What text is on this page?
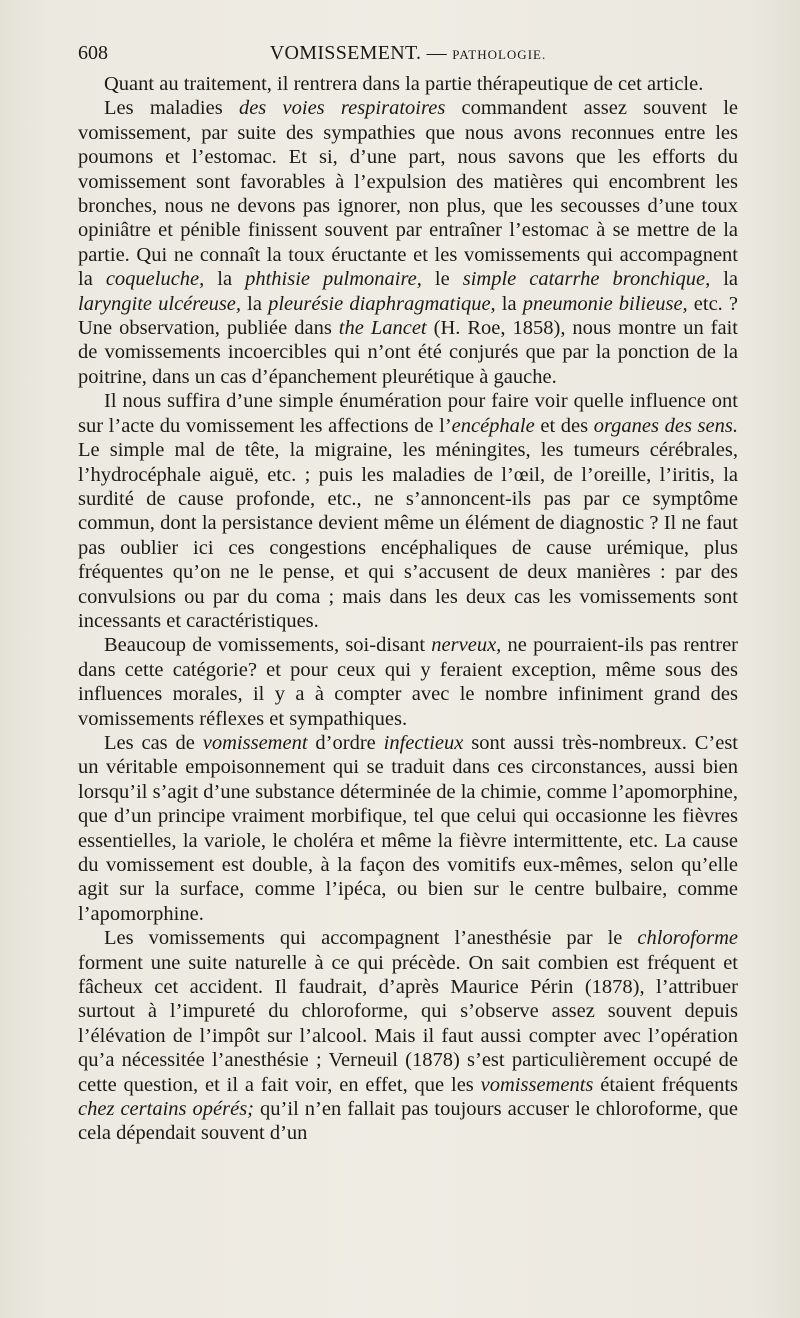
608	VOMISSEMENT. — PATHOLOGIE.

Quant au traitement, il rentrera dans la partie thérapeutique de cet article.

Les maladies des voies respiratoires commandent assez souvent le vomissement, par suite des sympathies que nous avons reconnues entre les poumons et l’estomac. Et si, d’une part, nous savons que les efforts du vomissement sont favorables à l’expulsion des matières qui encombrent les bronches, nous ne devons pas ignorer, non plus, que les secousses d’une toux opiniâtre et pénible finissent souvent par entraîner l’estomac à se mettre de la partie. Qui ne connaît la toux éructante et les vomissements qui accompagnent la coqueluche, la phthisie pulmonaire, le simple catarrhe bronchique, la laryngite ulcéreuse, la pleurésie diaphragmatique, la pneumonie bilieuse, etc. ? Une observation, publiée dans the Lancet (H. Roe, 1858), nous montre un fait de vomissements incoercibles qui n’ont été conjurés que par la ponction de la poitrine, dans un cas d’épanchement pleurétique à gauche.

Il nous suffira d’une simple énumération pour faire voir quelle influence ont sur l’acte du vomissement les affections de l’encéphale et des organes des sens. Le simple mal de tête, la migraine, les méningites, les tumeurs cérébrales, l’hydrocéphale aiguë, etc. ; puis les maladies de l’œil, de l’oreille, l’iritis, la surdité de cause profonde, etc., ne s’annoncent-ils pas par ce symptôme commun, dont la persistance devient même un élément de diagnostic ? Il ne faut pas oublier ici ces congestions encéphaliques de cause urémique, plus fréquentes qu’on ne le pense, et qui s’accusent de deux manières : par des convulsions ou par du coma ; mais dans les deux cas les vomissements sont incessants et caractéristiques.

Beaucoup de vomissements, soi-disant nerveux, ne pourraient-ils pas rentrer dans cette catégorie? et pour ceux qui y feraient exception, même sous des influences morales, il y a à compter avec le nombre infiniment grand des vomissements réflexes et sympathiques.

Les cas de vomissement d’ordre infectieux sont aussi très-nombreux. C’est un véritable empoisonnement qui se traduit dans ces circonstances, aussi bien lorsqu’il s’agit d’une substance déterminée de la chimie, comme l’apomorphine, que d’un principe vraiment morbifique, tel que celui qui occasionne les fièvres essentielles, la variole, le choléra et même la fièvre intermittente, etc. La cause du vomissement est double, à la façon des vomitifs eux-mêmes, selon qu’elle agit sur la surface, comme l’ipéca, ou bien sur le centre bulbaire, comme l’apomorphine.

Les vomissements qui accompagnent l’anesthésie par le chloroforme forment une suite naturelle à ce qui précède. On sait combien est fréquent et fâcheux cet accident. Il faudrait, d’après Maurice Périn (1878), l’attribuer surtout à l’impureté du chloroforme, qui s’observe assez souvent depuis l’élévation de l’impôt sur l’alcool. Mais il faut aussi compter avec l’opération qu’a nécessitée l’anesthésie ; Verneuil (1878) s’est particulièrement occupé de cette question, et il a fait voir, en effet, que les vomissements étaient fréquents chez certains opérés; qu’il n’en fallait pas toujours accuser le chloroforme, que cela dépendait souvent d’un
